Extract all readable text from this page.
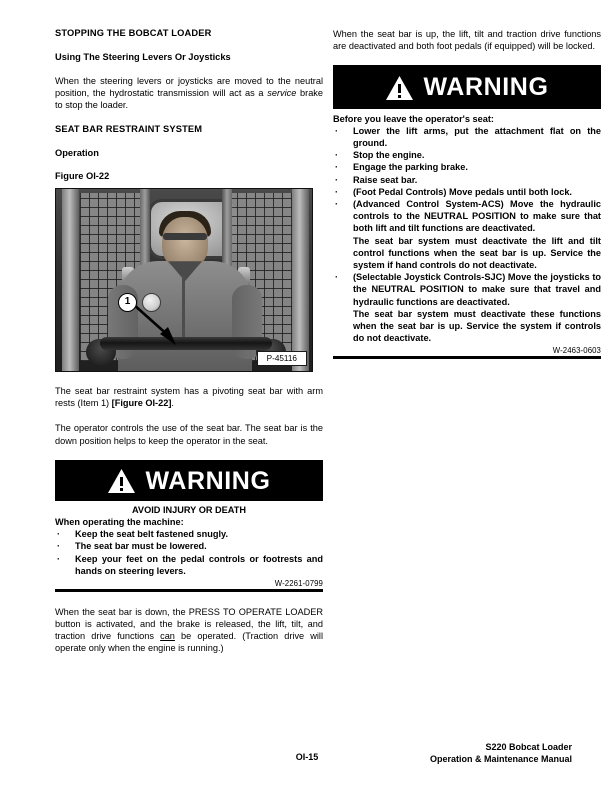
STOPPING THE BOBCAT LOADER
Using The Steering Levers Or Joysticks

When the steering levers or joysticks are moved to the neutral position, the hydrostatic transmission will act as a service brake to stop the loader.

SEAT BAR RESTRAINT SYSTEM
Operation
Figure OI-22
1
P-45116

The seat bar restraint system has a pivoting seat bar with arm rests (Item 1) [Figure OI-22].

The operator controls the use of the seat bar. The seat bar is the down position helps to keep the operator in the seat.

WARNING
AVOID INJURY OR DEATH
When operating the machine:
· Keep the seat belt fastened snugly.
· The seat bar must be lowered.
· Keep your feet on the pedal controls or footrests and hands on steering levers.
W-2261-0799

When the seat bar is down, the PRESS TO OPERATE LOADER button is activated, and the brake is released, the lift, tilt, and traction drive functions can be operated. (Traction drive will operate only when the engine is running.)

When the seat bar is up, the lift, tilt and traction drive functions are deactivated and both foot pedals (if equipped) will be locked.

WARNING
Before you leave the operator's seat:
· Lower the lift arms, put the attachment flat on the ground.
· Stop the engine.
· Engage the parking brake.
· Raise seat bar.
· (Foot Pedal Controls) Move pedals until both lock.
· (Advanced Control System-ACS) Move the hydraulic controls to the NEUTRAL POSITION to make sure that both lift and tilt functions are deactivated.
The seat bar system must deactivate the lift and tilt control functions when the seat bar is up. Service the system if hand controls do not deactivate.
· (Selectable Joystick Controls-SJC) Move the joysticks to the NEUTRAL POSITION to make sure that travel and hydraulic functions are deactivated.
The seat bar system must deactivate these functions when the seat bar is up. Service the system if controls do not deactivate.
W-2463-0603
OI-15
S220 Bobcat Loader
Operation & Maintenance Manual
